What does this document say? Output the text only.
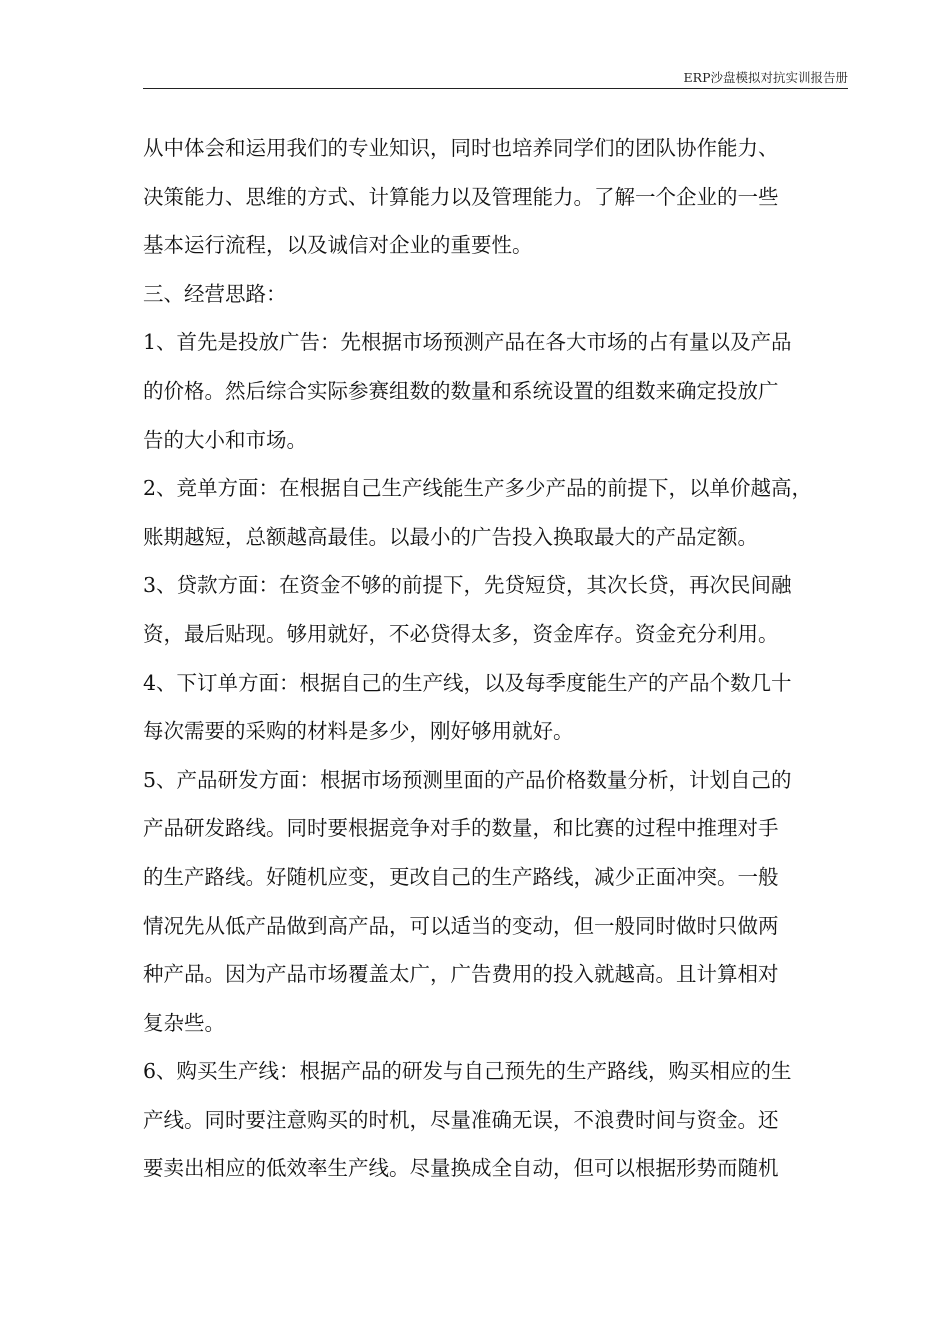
ERP沙盘模拟对抗实训报告册
从中体会和运用我们的专业知识，同时也培养同学们的团队协作能力、
决策能力、思维的方式、计算能力以及管理能力。了解一个企业的一些
基本运行流程，以及诚信对企业的重要性。
三、经营思路：
1、首先是投放广告：先根据市场预测产品在各大市场的占有量以及产品
的价格。然后综合实际参赛组数的数量和系统设置的组数来确定投放广
告的大小和市场。
2、竞单方面：在根据自己生产线能生产多少产品的前提下，以单价越高，
账期越短，总额越高最佳。以最小的广告投入换取最大的产品定额。
3、贷款方面：在资金不够的前提下，先贷短贷，其次长贷，再次民间融
资，最后贴现。够用就好，不必贷得太多，资金库存。资金充分利用。
4、下订单方面：根据自己的生产线，以及每季度能生产的产品个数几十
每次需要的采购的材料是多少，刚好够用就好。
5、产品研发方面：根据市场预测里面的产品价格数量分析，计划自己的
产品研发路线。同时要根据竞争对手的数量，和比赛的过程中推理对手
的生产路线。好随机应变，更改自己的生产路线，减少正面冲突。一般
情况先从低产品做到高产品，可以适当的变动，但一般同时做时只做两
种产品。因为产品市场覆盖太广，广告费用的投入就越高。且计算相对
复杂些。
6、购买生产线：根据产品的研发与自己预先的生产路线，购买相应的生
产线。同时要注意购买的时机，尽量准确无误，不浪费时间与资金。还
要卖出相应的低效率生产线。尽量换成全自动，但可以根据形势而随机
